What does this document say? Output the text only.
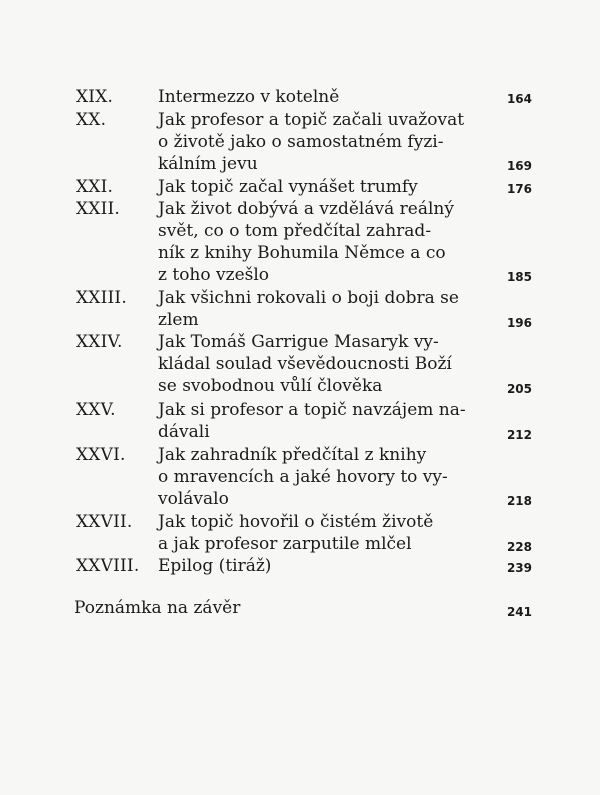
XIX.	Intermezzo v kotelně	164
XX.	Jak profesor a topič začali uvažovat
o životě jako o samostatném fyzi-
kálním jevu	169
XXI.	Jak topič začal vynášet trumfy	176
XXII. Jak život dobývá a vzdělává reálný
svět, co o tom předčítal zahrad-
ník z knihy Bohumila Němce a co
z toho vzešlo	185
XXIII. Jak všichni rokovali o boji dobra se
zlem	196
XXIV. Jak Tomáš Garrigue Masaryk vy-
kládal soulad vševědoucnosti Boží
se svobodnou vůlí člověka	205
XXV. Jak si profesor a topič navzájem na-
dávali	212
XXVI. Jak zahradník předčítal z knihy
o mravencích a jaké hovory to vy-
volávalo	218
XXVII. Jak topič hovořil o čistém životě
a jak profesor zarputile mlčel	228
XXVIII. Epilog (tiráž)	239
Poznámka na závěr	241
